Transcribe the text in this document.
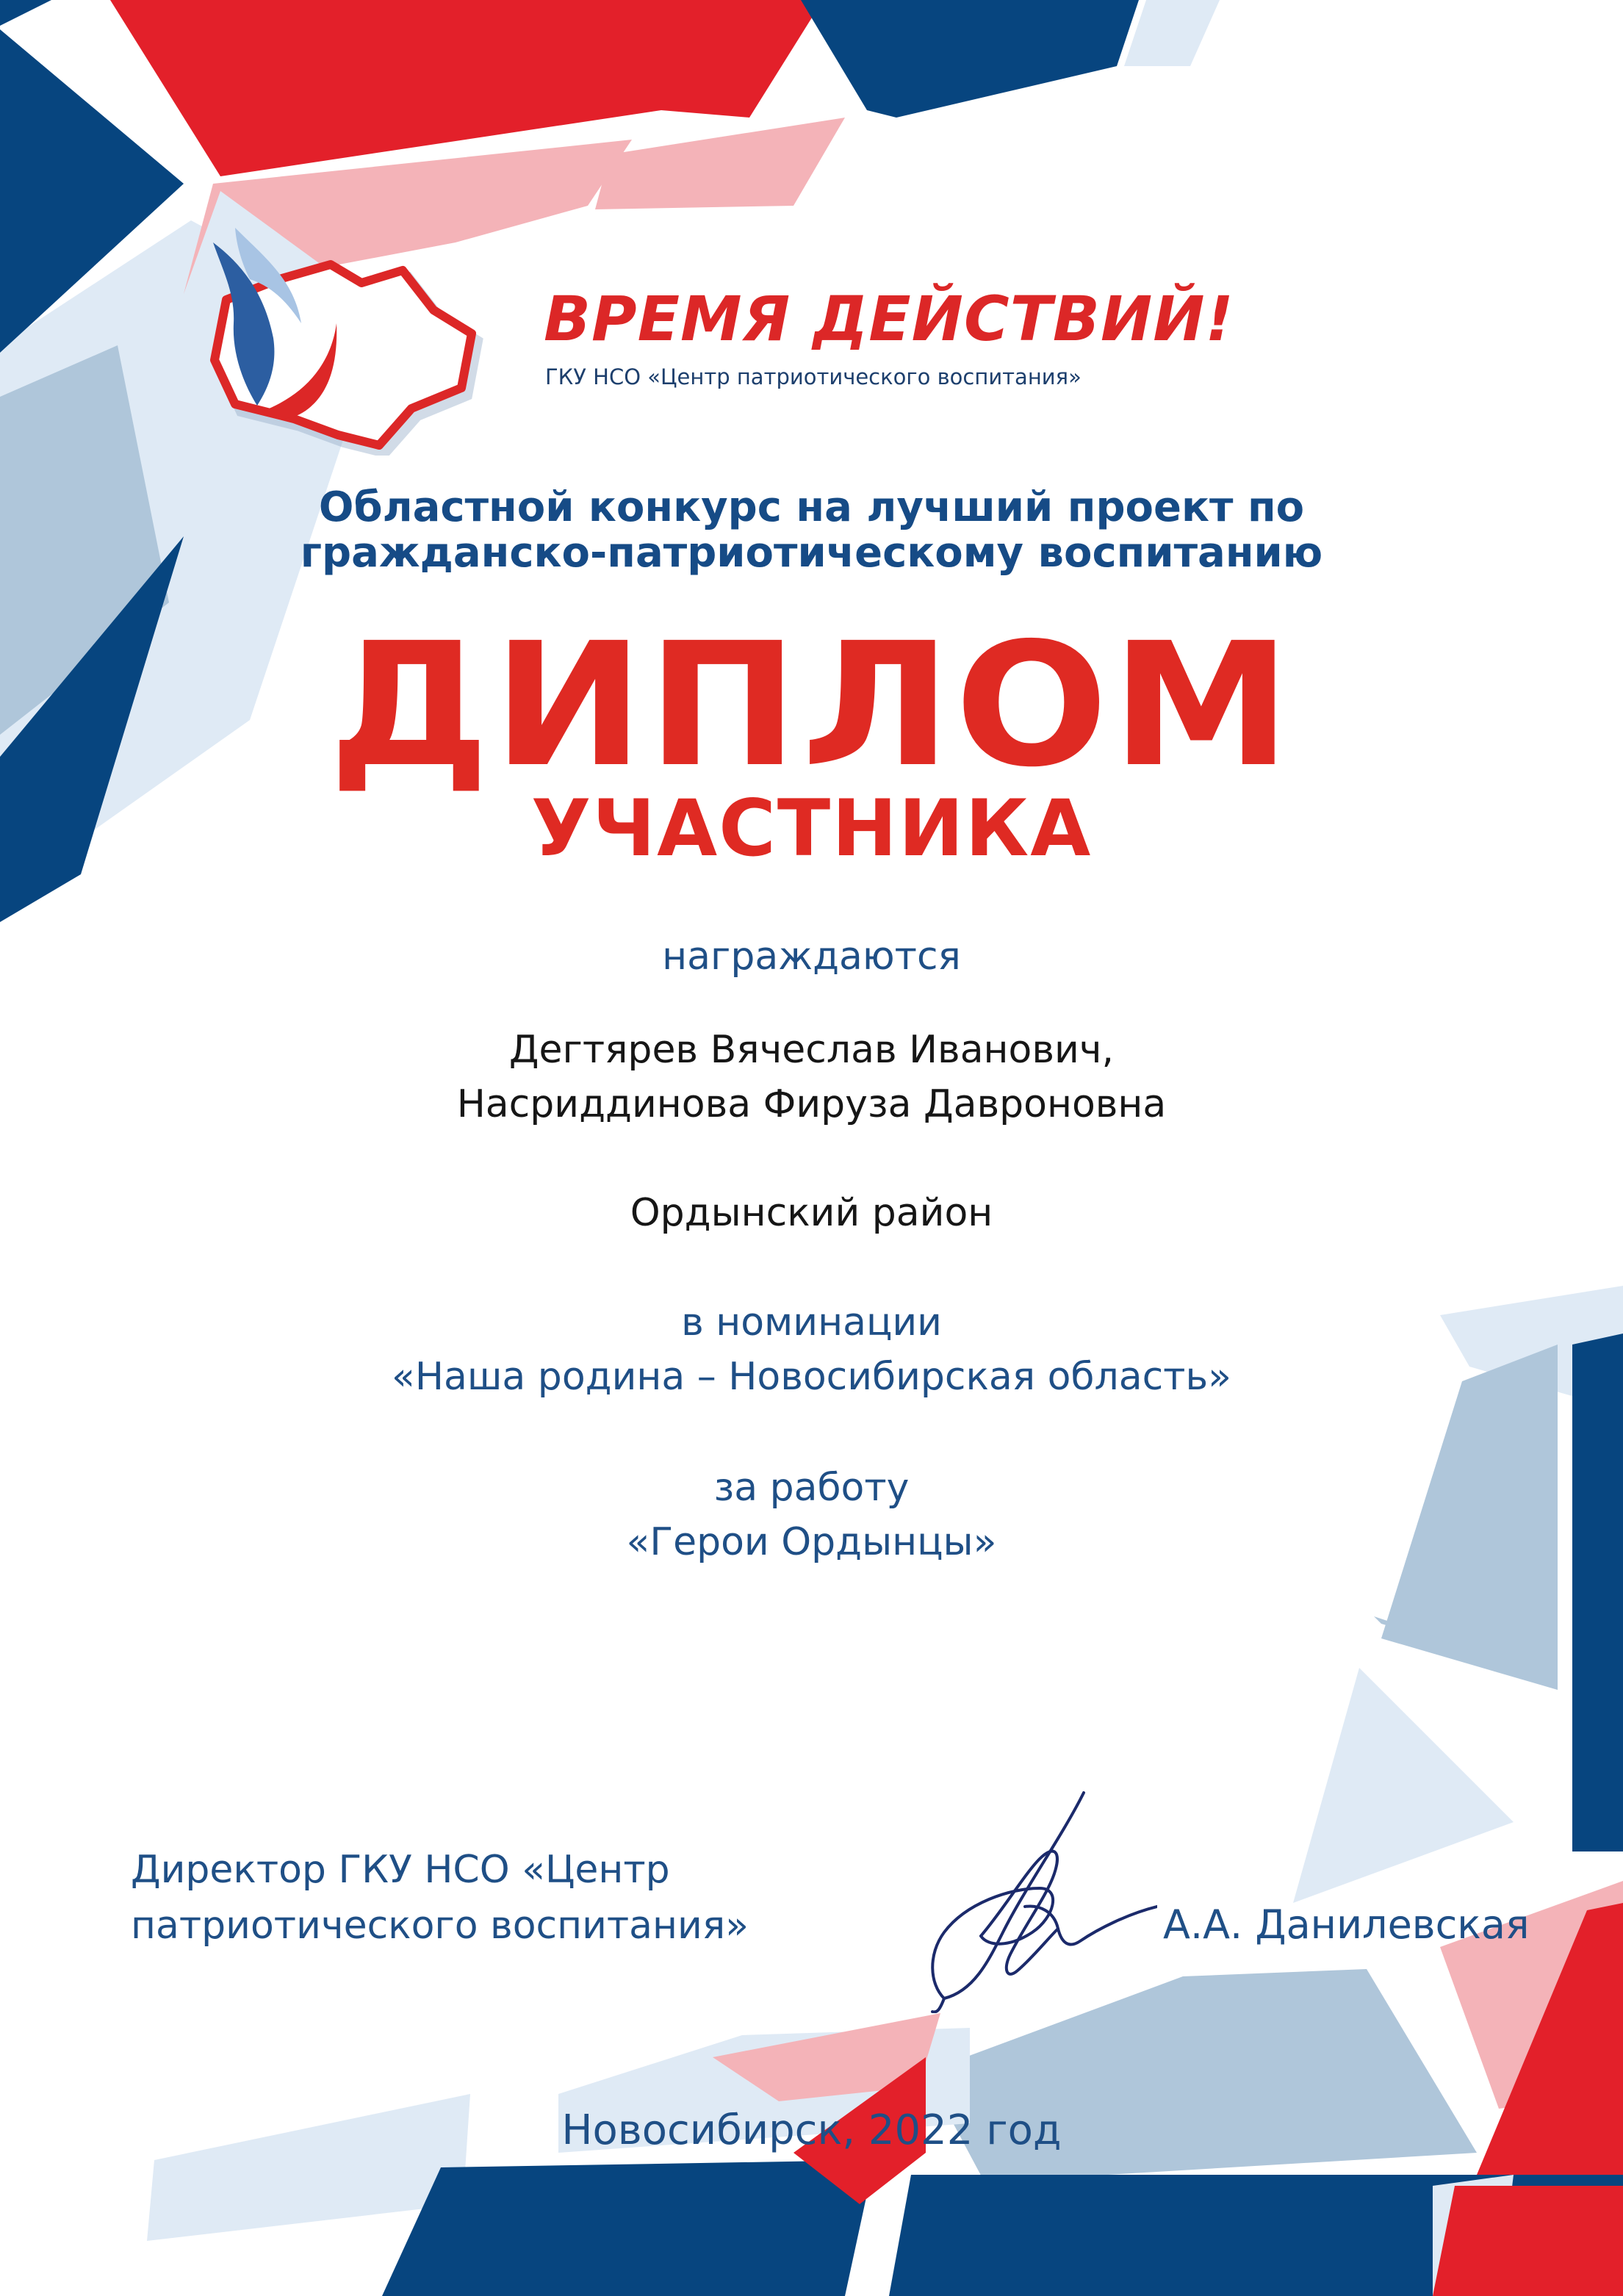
ВРЕМЯ ДЕЙСТВИЙ!
ГКУ НСО «Центр патриотического воспитания»
Областной конкурс на лучший проект по
гражданско-патриотическому воспитанию
ДИПЛОМ
УЧАСТНИКА
награждаются
Дегтярев Вячеслав Иванович,
Насриддинова Фируза Давроновна
Ордынский район
в номинации
«Наша родина – Новосибирская область»
за работу
«Герои Ордынцы»
Директор ГКУ НСО «Центр
патриотического воспитания»	А.А. Данилевская
Новосибирск, 2022 год
